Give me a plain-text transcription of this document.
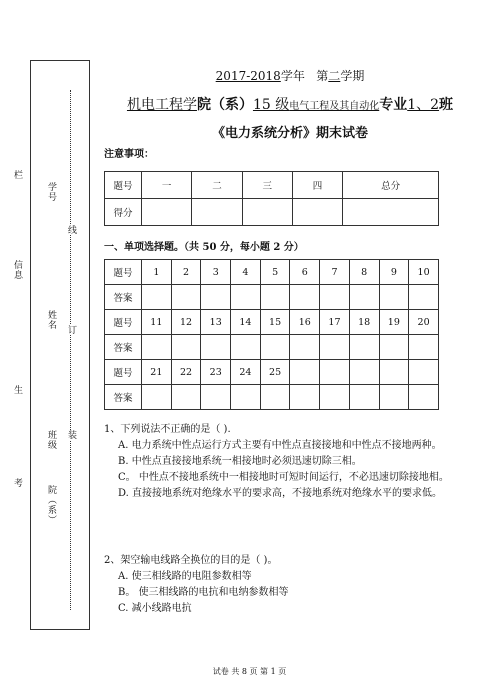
栏
信息
生
考
学号
姓名
班级
院（系）
线
订
装
2017-2018学年 第二学期
机电工程学院（系）15 级电气工程及其自动化专业1、2班
《电力系统分析》期末试卷
注意事项：
题号	一	二	三	四	总分
得分					
一、单项选择题。（共 50 分，每小题 2 分）
题号	1	2	3	4	5	6	7	8	9	10
答案										
题号	11	12	13	14	15	16	17	18	19	20
答案										
题号	21	22	23	24	25					
答案										
1、下列说法不正确的是（ ).
A. 电力系统中性点运行方式主要有中性点直接接地和中性点不接地两种。
B. 中性点直接接地系统一相接地时必须迅速切除三相。
C。 中性点不接地系统中一相接地时可短时间运行，不必迅速切除接地相。
D. 直接接地系统对绝缘水平的要求高，不接地系统对绝缘水平的要求低。
2、架空输电线路全换位的目的是（ )。
A. 使三相线路的电阻参数相等
B。 使三相线路的电抗和电纳参数相等
C. 减小线路电抗
试卷 共 8 页 第 1 页
